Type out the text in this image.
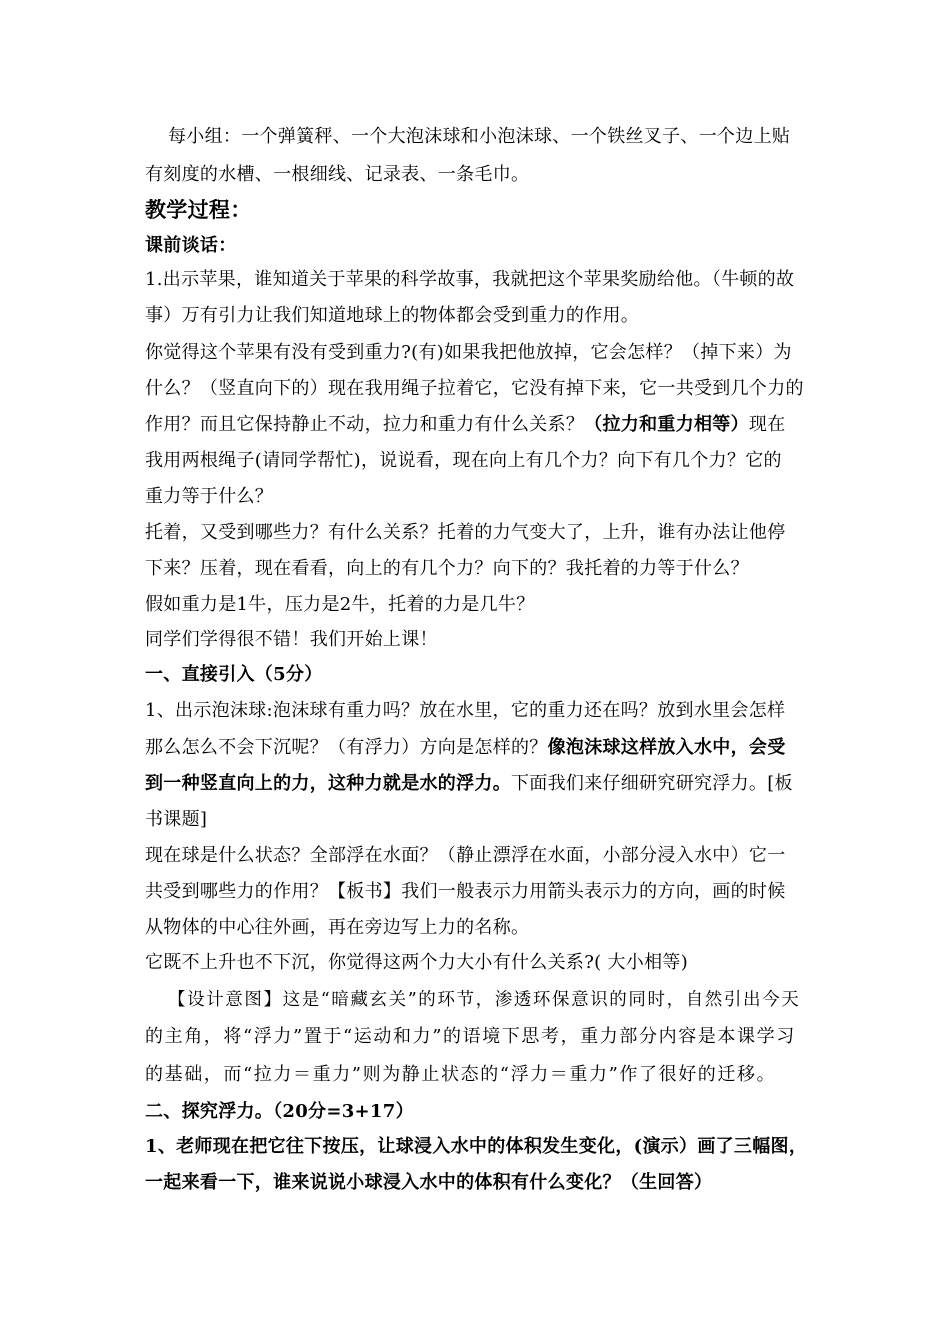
每小组：一个弹簧秤、一个大泡沫球和小泡沫球、一个铁丝叉子、一个边上贴
有刻度的水槽、一根细线、记录表、一条毛巾。
教学过程：
课前谈话：
1.出示苹果，谁知道关于苹果的科学故事，我就把这个苹果奖励给他。（牛顿的故
事）万有引力让我们知道地球上的物体都会受到重力的作用。
你觉得这个苹果有没有受到重力?(有)如果我把他放掉，它会怎样？（掉下来）为
什么？（竖直向下的）现在我用绳子拉着它，它没有掉下来，它一共受到几个力的
作用？而且它保持静止不动，拉力和重力有什么关系？（拉力和重力相等）现在
我用两根绳子(请同学帮忙)，说说看，现在向上有几个力？向下有几个力？它的
重力等于什么？
托着，又受到哪些力？有什么关系？托着的力气变大了，上升，谁有办法让他停
下来？压着，现在看看，向上的有几个力？向下的？我托着的力等于什么？
假如重力是1牛，压力是2牛，托着的力是几牛？
同学们学得很不错！我们开始上课！
一、直接引入（5分）
1、出示泡沫球:泡沫球有重力吗？放在水里，它的重力还在吗？放到水里会怎样
那么怎么不会下沉呢？（有浮力）方向是怎样的？像泡沫球这样放入水中，会受
到一种竖直向上的力，这种力就是水的浮力。下面我们来仔细研究研究浮力。[板
书课题]
现在球是什么状态？全部浮在水面？（静止漂浮在水面，小部分浸入水中）它一
共受到哪些力的作用？【板书】我们一般表示力用箭头表示力的方向，画的时候
从物体的中心往外画，再在旁边写上力的名称。
它既不上升也不下沉，你觉得这两个力大小有什么关系?( 大小相等)
【设计意图】这是“暗藏玄关”的环节，渗透环保意识的同时，自然引出今天
的主角，将“浮力”置于“运动和力”的语境下思考，重力部分内容是本课学习
的基础，而“拉力＝重力”则为静止状态的“浮力＝重力”作了很好的迁移。
二、探究浮力。（20分=3+17）
1、老师现在把它往下按压，让球浸入水中的体积发生变化，(演示）画了三幅图，
一起来看一下，谁来说说小球浸入水中的体积有什么变化？（生回答）
